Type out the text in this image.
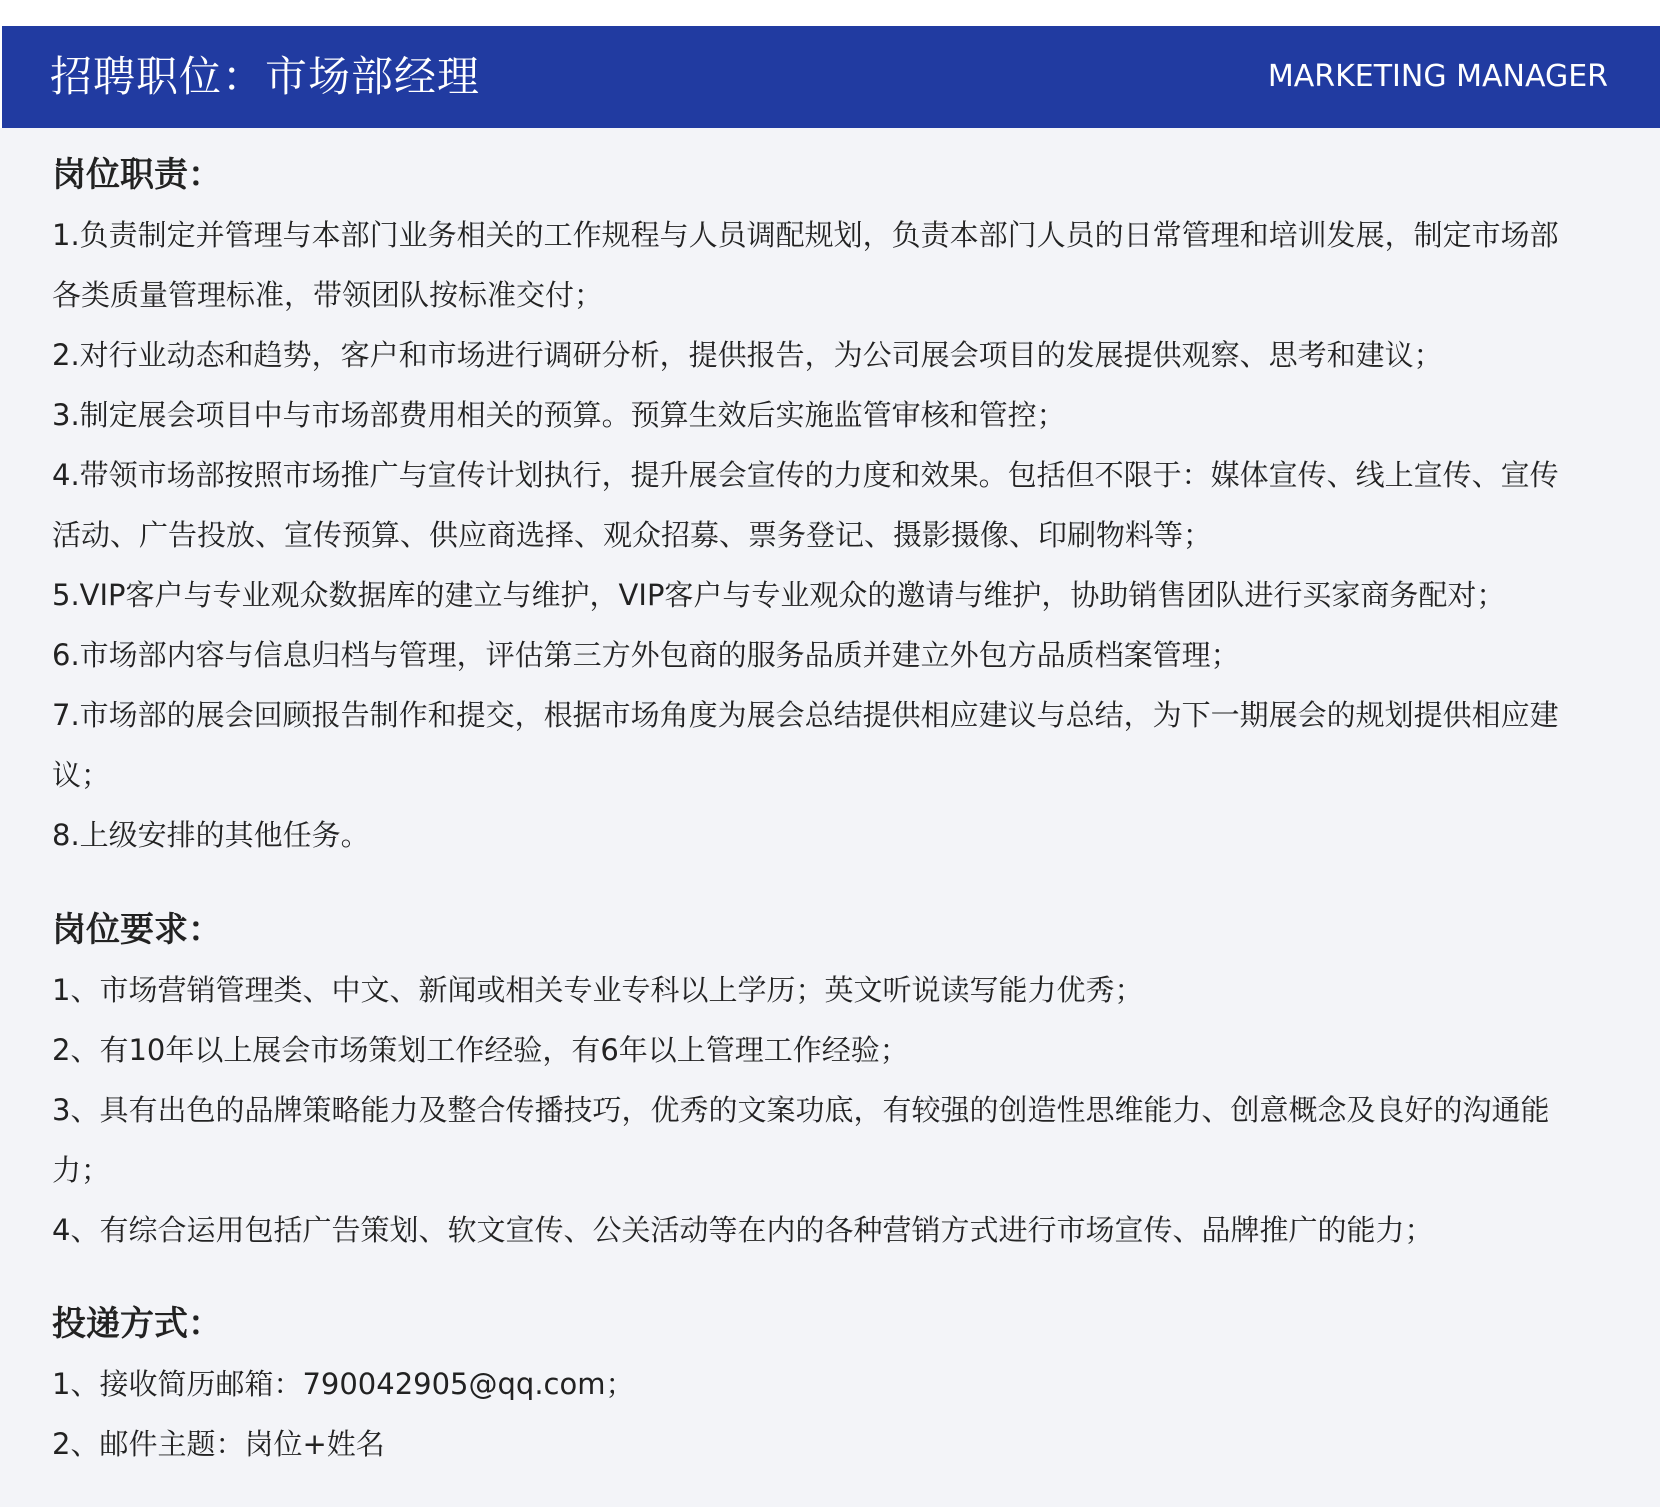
招聘职位：市场部经理	MARKETING MANAGER
岗位职责：
1.负责制定并管理与本部门业务相关的工作规程与人员调配规划，负责本部门人员的日常管理和培训发展，制定市场部各类质量管理标准，带领团队按标准交付；
2.对行业动态和趋势，客户和市场进行调研分析，提供报告，为公司展会项目的发展提供观察、思考和建议；
3.制定展会项目中与市场部费用相关的预算。预算生效后实施监管审核和管控；
4.带领市场部按照市场推广与宣传计划执行，提升展会宣传的力度和效果。包括但不限于：媒体宣传、线上宣传、宣传活动、广告投放、宣传预算、供应商选择、观众招募、票务登记、摄影摄像、印刷物料等；
5.VIP客户与专业观众数据库的建立与维护，VIP客户与专业观众的邀请与维护，协助销售团队进行买家商务配对；
6.市场部内容与信息归档与管理，评估第三方外包商的服务品质并建立外包方品质档案管理；
7.市场部的展会回顾报告制作和提交，根据市场角度为展会总结提供相应建议与总结，为下一期展会的规划提供相应建议；
8.上级安排的其他任务。
岗位要求：
1、市场营销管理类、中文、新闻或相关专业专科以上学历；英文听说读写能力优秀；
2、有10年以上展会市场策划工作经验，有6年以上管理工作经验；
3、具有出色的品牌策略能力及整合传播技巧，优秀的文案功底，有较强的创造性思维能力、创意概念及良好的沟通能力；
4、有综合运用包括广告策划、软文宣传、公关活动等在内的各种营销方式进行市场宣传、品牌推广的能力；
投递方式：
1、接收简历邮箱：790042905@qq.com；
2、邮件主题：岗位+姓名
